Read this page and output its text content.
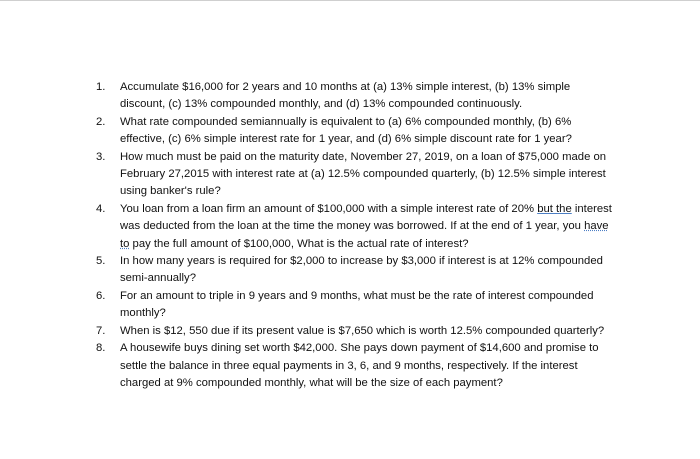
1.	Accumulate $16,000 for 2 years and 10 months at (a) 13% simple interest, (b) 13% simple discount, (c) 13% compounded monthly, and (d) 13% compounded continuously.
2.	What rate compounded semiannually is equivalent to (a) 6% compounded monthly, (b) 6% effective, (c) 6% simple interest rate for 1 year, and (d) 6% simple discount rate for 1 year?
3.	How much must be paid on the maturity date, November 27, 2019, on a loan of $75,000 made on February 27,2015 with interest rate at (a) 12.5% compounded quarterly, (b) 12.5% simple interest using banker's rule?
4.	You loan from a loan firm an amount of $100,000 with a simple interest rate of 20% but the interest was deducted from the loan at the time the money was borrowed. If at the end of 1 year, you have to pay the full amount of $100,000, What is the actual rate of interest?
5.	In how many years is required for $2,000 to increase by $3,000 if interest is at 12% compounded semi-annually?
6.	For an amount to triple in 9 years and 9 months, what must be the rate of interest compounded monthly?
7.	When is $12, 550 due if its present value is $7,650 which is worth 12.5% compounded quarterly?
8.	A housewife buys dining set worth $42,000. She pays down payment of $14,600 and promise to settle the balance in three equal payments in 3, 6, and 9 months, respectively. If the interest charged at 9% compounded monthly, what will be the size of each payment?
